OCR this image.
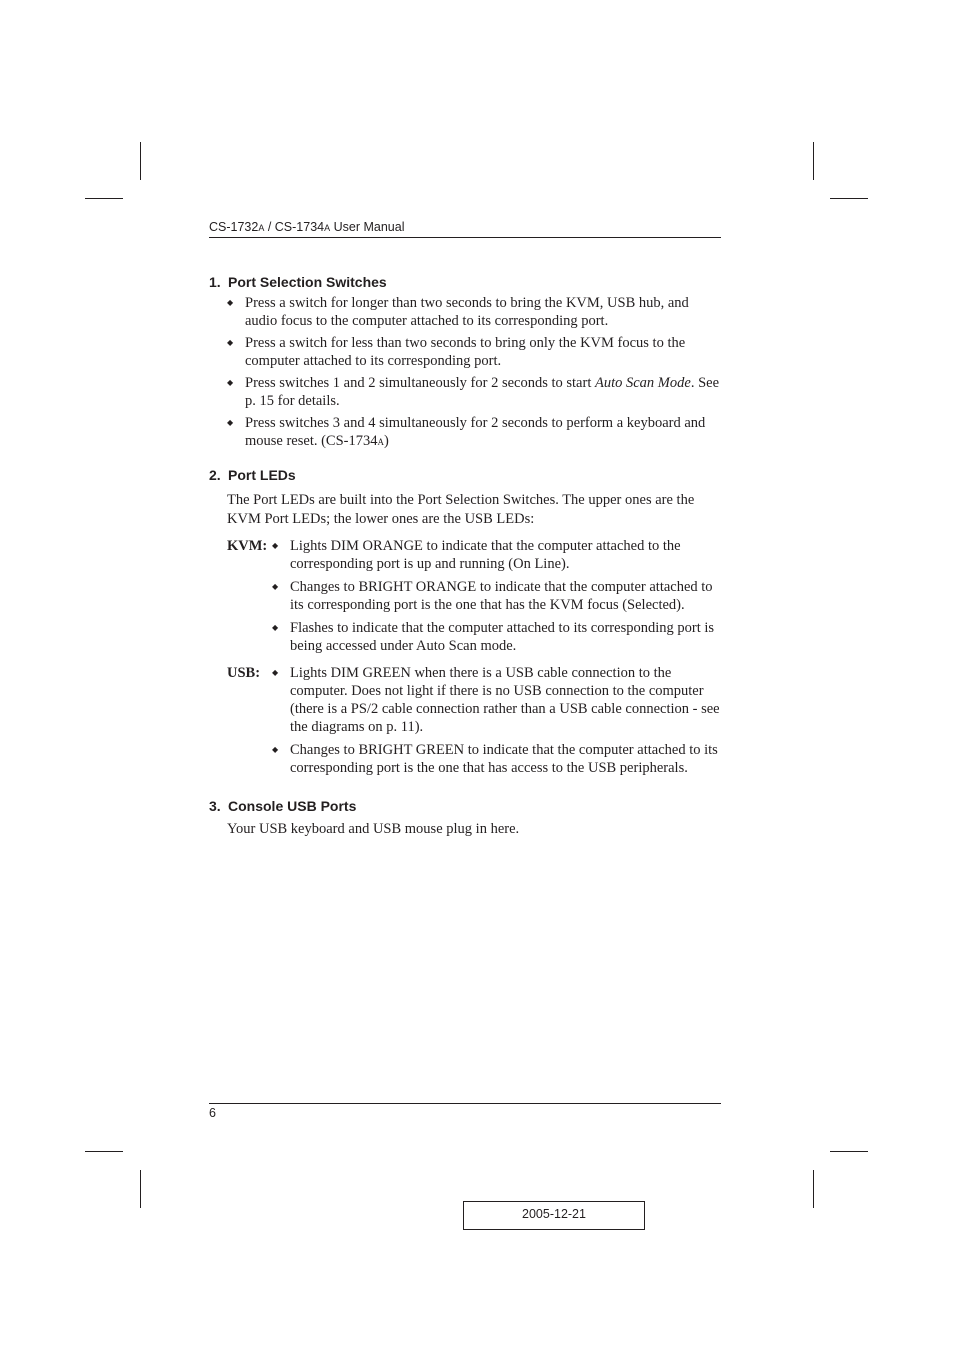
CS-1732A / CS-1734A User Manual
1. Port Selection Switches
◆ Press a switch for longer than two seconds to bring the KVM, USB hub, and audio focus to the computer attached to its corresponding port.
◆ Press a switch for less than two seconds to bring only the KVM focus to the computer attached to its corresponding port.
◆ Press switches 1 and 2 simultaneously for 2 seconds to start Auto Scan Mode. See p. 15 for details.
◆ Press switches 3 and 4 simultaneously for 2 seconds to perform a keyboard and mouse reset. (CS-1734A)
2. Port LEDs

The Port LEDs are built into the Port Selection Switches. The upper ones are the KVM Port LEDs; the lower ones are the USB LEDs:

KVM:	◆ Lights DIM ORANGE to indicate that the computer attached to the corresponding port is up and running (On Line).
◆ Changes to BRIGHT ORANGE to indicate that the computer attached to its corresponding port is the one that has the KVM focus (Selected).
◆ Flashes to indicate that the computer attached to its corresponding port is being accessed under Auto Scan mode.
USB:	◆ Lights DIM GREEN when there is a USB cable connection to the computer. Does not light if there is no USB connection to the computer (there is a PS/2 cable connection rather than a USB cable connection - see the diagrams on p. 11).
◆ Changes to BRIGHT GREEN to indicate that the computer attached to its corresponding port is the one that has access to the USB peripherals.
3. Console USB Ports

Your USB keyboard and USB mouse plug in here.

6
2005-12-21
